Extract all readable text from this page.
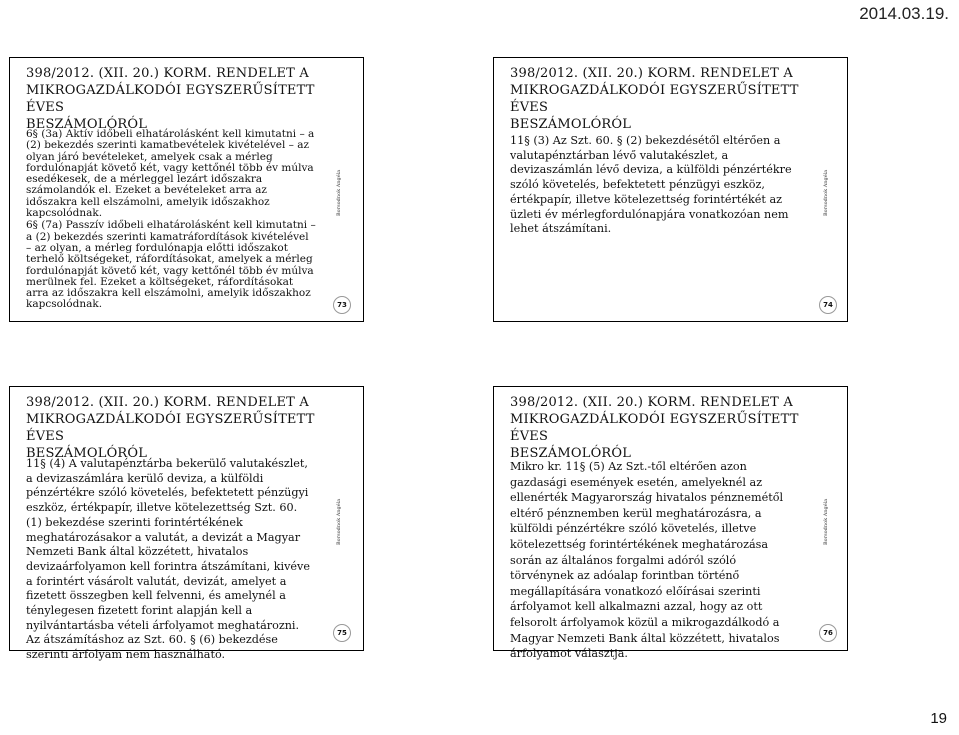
2014.03.19.
398/2012. (XII. 20.) KORM. RENDELET A
MIKROGAZDÁLKODÓI EGYSZERŰSÍTETT ÉVES
BESZÁMOLÓRÓL

6§ (3a) Aktív időbeli elhatárolásként kell kimutatni – a (2) bekezdés szerinti kamatbevételek kivételével – az olyan járó bevételeket, amelyek csak a mérleg fordulónapját követő két, vagy kettőnél több év múlva esedékesek, de a mérleggel lezárt időszakra számolandók el. Ezeket a bevételeket arra az időszakra kell elszámolni, amelyik időszakhoz kapcsolódnak.

6§ (7a) Passzív időbeli elhatárolásként kell kimutatni – a (2) bekezdés szerinti kamatráfordítások kivételével – az olyan, a mérleg fordulónapja előtti időszakot terhelő költségeket, ráfordításokat, amelyek a mérleg fordulónapját követő két, vagy kettőnél több év múlva merülnek fel. Ezeket a költségeket, ráfordításokat arra az időszakra kell elszámolni, amelyik időszakhoz kapcsolódnak.

Borsodnok Angéla
73
398/2012. (XII. 20.) KORM. RENDELET A
MIKROGAZDÁLKODÓI EGYSZERŰSÍTETT ÉVES
BESZÁMOLÓRÓL

11§ (3) Az Szt. 60. § (2) bekezdésétől eltérően a valutapénztárban lévő valutakészlet, a devizaszámlán lévő deviza, a külföldi pénzértékre szóló követelés, befektetett pénzügyi eszköz, értékpapír, illetve kötelezettség forintértékét az üzleti év mérlegfordulónapjára vonatkozóan nem lehet átszámítani.

Borsodnok Angéla
74
398/2012. (XII. 20.) KORM. RENDELET A
MIKROGAZDÁLKODÓI EGYSZERŰSÍTETT ÉVES
BESZÁMOLÓRÓL

11§ (4) A valutapénztárba bekerülő valutakészlet, a devizaszámlára kerülő deviza, a külföldi pénzértékre szóló követelés, befektetett pénzügyi eszköz, értékpapír, illetve kötelezettség Szt. 60. (1) bekezdése szerinti forintértékének meghatározásakor a valutát, a devizát a Magyar Nemzeti Bank által közzétett, hivatalos devizaárfolyamon kell forintra átszámítani, kivéve a forintért vásárolt valutát, devizát, amelyet a fizetett összegben kell felvenni, és amelynél a ténylegesen fizetett forint alapján kell a nyilvántartásba vételi árfolyamot meghatározni. Az átszámításhoz az Szt. 60. § (6) bekezdése szerinti árfolyam nem használható.

Borsodnok Angéla
75
398/2012. (XII. 20.) KORM. RENDELET A
MIKROGAZDÁLKODÓI EGYSZERŰSÍTETT ÉVES
BESZÁMOLÓRÓL

Mikro kr. 11§ (5) Az Szt.-től eltérően azon gazdasági események esetén, amelyeknél az ellenérték Magyarország hivatalos pénznemétől eltérő pénznemben kerül meghatározásra, a külföldi pénzértékre szóló követelés, illetve kötelezettség forintértékének meghatározása során az általános forgalmi adóról szóló törvénynek az adóalap forintban történő megállapítására vonatkozó előírásai szerinti árfolyamot kell alkalmazni azzal, hogy az ott felsorolt árfolyamok közül a mikrogazdálkodó a Magyar Nemzeti Bank által közzétett, hivatalos árfolyamot választja.

Borsodnok Angéla
76
19
